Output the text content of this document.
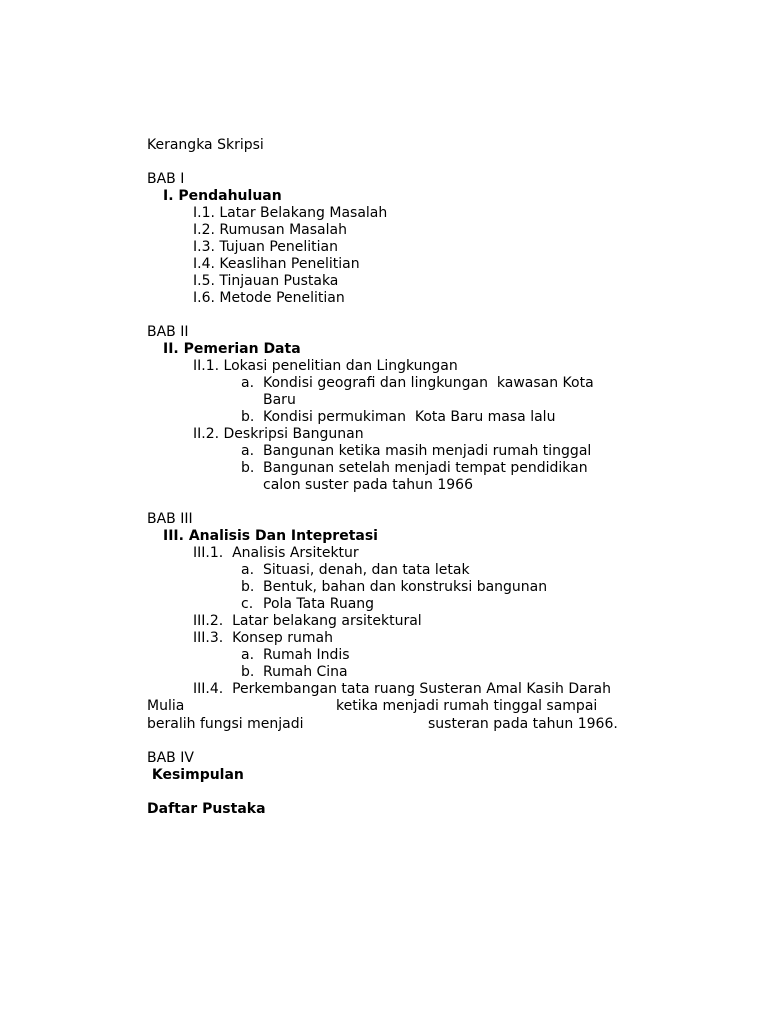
Kerangka Skripsi
BAB I
I. Pendahuluan
I.1. Latar Belakang Masalah
I.2. Rumusan Masalah
I.3. Tujuan Penelitian
I.4. Keaslihan Penelitian
I.5. Tinjauan Pustaka
I.6. Metode Penelitian
BAB II
II. Pemerian Data
II.1. Lokasi penelitian dan Lingkungan
a. Kondisi geografi dan lingkungan  kawasan Kota
Baru
b. Kondisi permukiman  Kota Baru masa lalu
II.2. Deskripsi Bangunan
a. Bangunan ketika masih menjadi rumah tinggal
b. Bangunan setelah menjadi tempat pendidikan
calon suster pada tahun 1966
BAB III
III. Analisis Dan Intepretasi
III.1.  Analisis Arsitektur
a. Situasi, denah, dan tata letak
b. Bentuk, bahan dan konstruksi bangunan
c. Pola Tata Ruang
III.2.  Latar belakang arsitektural
III.3.  Konsep rumah
a. Rumah Indis
b. Rumah Cina
III.4.  Perkembangan tata ruang Susteran Amal Kasih Darah
Mulia	ketika menjadi rumah tinggal sampai
beralih fungsi menjadi	susteran pada tahun 1966.
BAB IV
Kesimpulan
Daftar Pustaka
